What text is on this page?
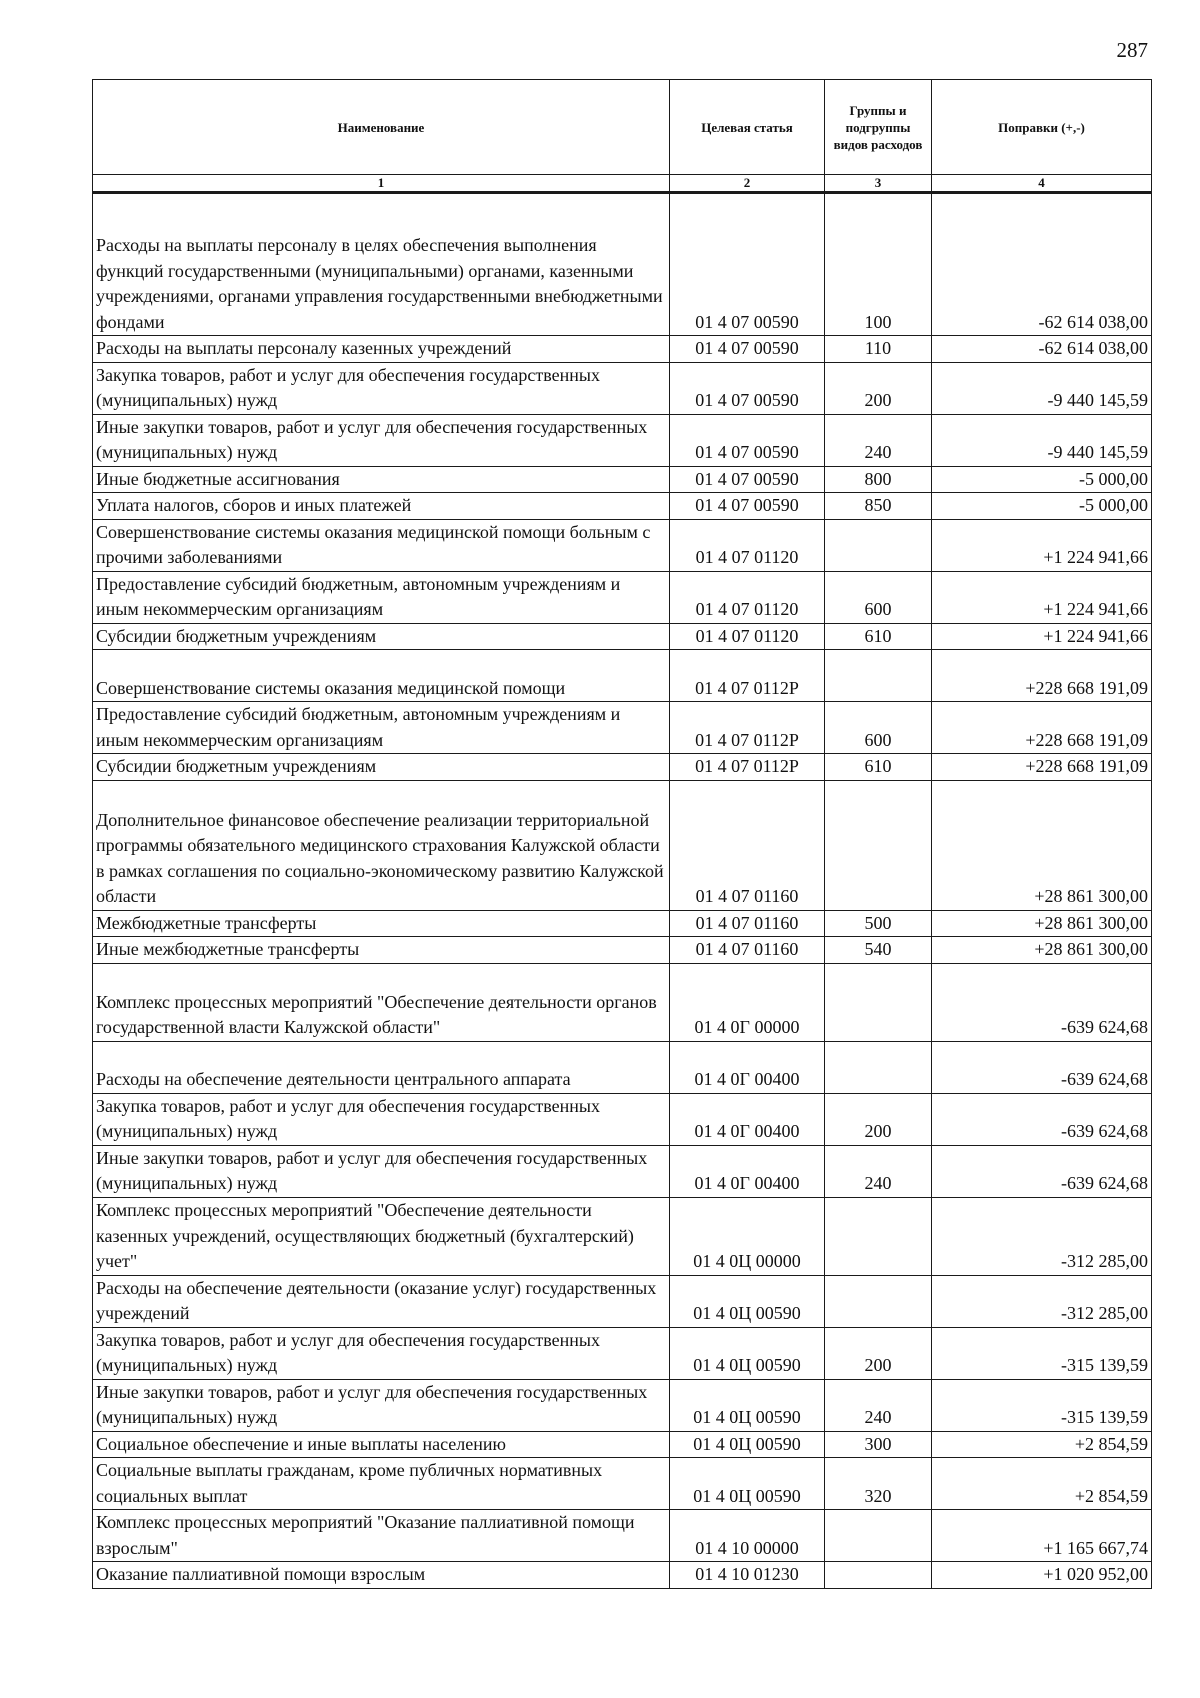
287
Наименование	Целевая статья	Группы и подгруппы видов расходов	Поправки (+,-)
1	2	3	4
Расходы на выплаты персоналу в целях обеспечения выполнения функций государственными (муниципальными) органами, казенными учреждениями, органами управления государственными внебюджетными фондами	01 4 07 00590	100	-62 614 038,00
Расходы на выплаты персоналу казенных учреждений	01 4 07 00590	110	-62 614 038,00
Закупка товаров, работ и услуг для обеспечения государственных (муниципальных) нужд	01 4 07 00590	200	-9 440 145,59
Иные закупки товаров, работ и услуг для обеспечения государственных (муниципальных) нужд	01 4 07 00590	240	-9 440 145,59
Иные бюджетные ассигнования	01 4 07 00590	800	-5 000,00
Уплата налогов, сборов и иных платежей	01 4 07 00590	850	-5 000,00
Совершенствование системы оказания медицинской помощи больным с прочими заболеваниями	01 4 07 01120		+1 224 941,66
Предоставление субсидий бюджетным, автономным учреждениям и иным некоммерческим организациям	01 4 07 01120	600	+1 224 941,66
Субсидии бюджетным учреждениям	01 4 07 01120	610	+1 224 941,66
Совершенствование системы оказания медицинской помощи	01 4 07 0112Р		+228 668 191,09
Предоставление субсидий бюджетным, автономным учреждениям и иным некоммерческим организациям	01 4 07 0112Р	600	+228 668 191,09
Субсидии бюджетным учреждениям	01 4 07 0112Р	610	+228 668 191,09
Дополнительное финансовое обеспечение реализации территориальной программы обязательного медицинского страхования Калужской области в рамках соглашения по социально-экономическому развитию Калужской области	01 4 07 01160		+28 861 300,00
Межбюджетные трансферты	01 4 07 01160	500	+28 861 300,00
Иные межбюджетные трансферты	01 4 07 01160	540	+28 861 300,00
Комплекс процессных мероприятий "Обеспечение деятельности органов государственной власти Калужской области"	01 4 0Г 00000		-639 624,68
Расходы на обеспечение деятельности центрального аппарата	01 4 0Г 00400		-639 624,68
Закупка товаров, работ и услуг для обеспечения государственных (муниципальных) нужд	01 4 0Г 00400	200	-639 624,68
Иные закупки товаров, работ и услуг для обеспечения государственных (муниципальных) нужд	01 4 0Г 00400	240	-639 624,68
Комплекс процессных мероприятий "Обеспечение деятельности казенных учреждений, осуществляющих бюджетный (бухгалтерский) учет"	01 4 0Ц 00000		-312 285,00
Расходы на обеспечение деятельности (оказание услуг) государственных учреждений	01 4 0Ц 00590		-312 285,00
Закупка товаров, работ и услуг для обеспечения государственных (муниципальных) нужд	01 4 0Ц 00590	200	-315 139,59
Иные закупки товаров, работ и услуг для обеспечения государственных (муниципальных) нужд	01 4 0Ц 00590	240	-315 139,59
Социальное обеспечение и иные выплаты населению	01 4 0Ц 00590	300	+2 854,59
Социальные выплаты гражданам, кроме публичных нормативных социальных выплат	01 4 0Ц 00590	320	+2 854,59
Комплекс процессных мероприятий "Оказание паллиативной помощи взрослым"	01 4 10 00000		+1 165 667,74
Оказание паллиативной помощи взрослым	01 4 10 01230		+1 020 952,00
